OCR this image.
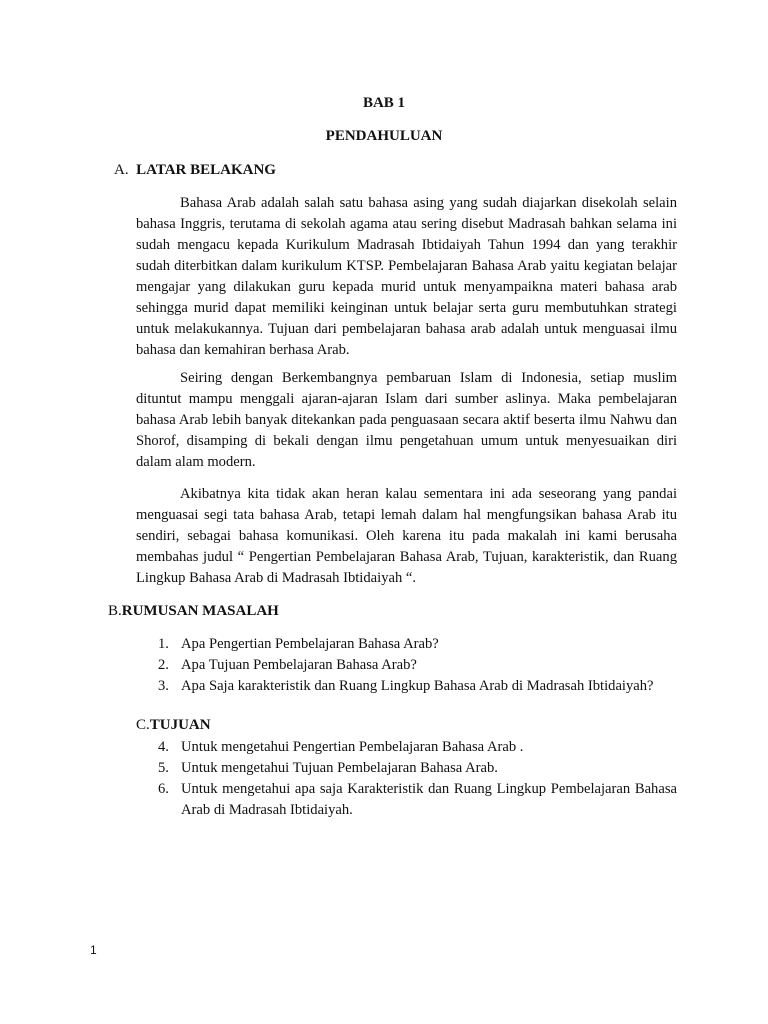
BAB 1
PENDAHULUAN
A. LATAR BELAKANG

Bahasa Arab adalah salah satu bahasa asing yang sudah diajarkan disekolah selain bahasa Inggris, terutama di sekolah agama atau sering disebut Madrasah bahkan selama ini sudah mengacu kepada Kurikulum Madrasah Ibtidaiyah Tahun 1994 dan yang terakhir sudah diterbitkan dalam kurikulum KTSP. Pembelajaran Bahasa Arab yaitu kegiatan belajar mengajar yang dilakukan guru kepada murid untuk menyampaikna materi bahasa arab sehingga murid dapat memiliki keinginan untuk belajar serta guru membutuhkan strategi untuk melakukannya. Tujuan dari pembelajaran bahasa arab adalah untuk menguasai ilmu bahasa dan kemahiran berhasa Arab.

Seiring dengan Berkembangnya pembaruan Islam di Indonesia, setiap muslim dituntut mampu menggali ajaran-ajaran Islam dari sumber aslinya. Maka pembelajaran bahasa Arab lebih banyak ditekankan pada penguasaan secara aktif beserta ilmu Nahwu dan Shorof, disamping di bekali dengan ilmu pengetahuan umum untuk menyesuaikan diri dalam alam modern.

Akibatnya kita tidak akan heran kalau sementara ini ada seseorang yang pandai menguasai segi tata bahasa Arab, tetapi lemah dalam hal mengfungsikan bahasa Arab itu sendiri, sebagai bahasa komunikasi. Oleh karena itu pada makalah ini kami berusaha membahas judul “ Pengertian Pembelajaran Bahasa Arab, Tujuan, karakteristik, dan Ruang Lingkup Bahasa Arab di Madrasah Ibtidaiyah “.

B.RUMUSAN MASALAH
1. Apa Pengertian Pembelajaran Bahasa Arab?
2. Apa Tujuan Pembelajaran Bahasa Arab?
3. Apa Saja karakteristik dan Ruang Lingkup Bahasa Arab di Madrasah Ibtidaiyah?
C.TUJUAN
4. Untuk mengetahui Pengertian Pembelajaran Bahasa Arab .
5. Untuk mengetahui Tujuan Pembelajaran Bahasa Arab.
6. Untuk mengetahui apa saja Karakteristik dan Ruang Lingkup Pembelajaran Bahasa Arab di Madrasah Ibtidaiyah.
1
